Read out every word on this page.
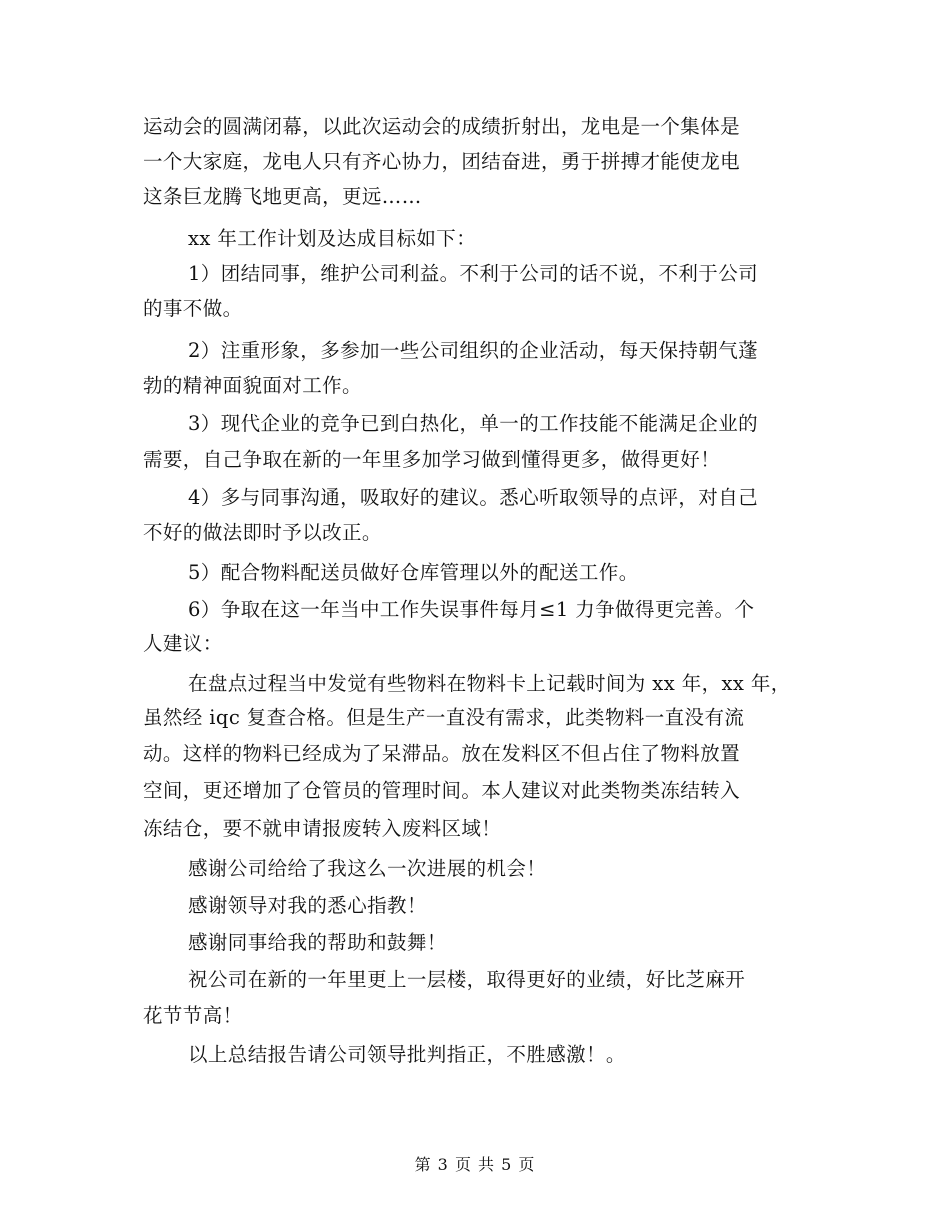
运动会的圆满闭幕，以此次运动会的成绩折射出，龙电是一个集体是
一个大家庭，龙电人只有齐心协力，团结奋进，勇于拼搏才能使龙电
这条巨龙腾飞地更高，更远……
xx 年工作计划及达成目标如下：
1）团结同事，维护公司利益。不利于公司的话不说，不利于公司
的事不做。
2）注重形象，多参加一些公司组织的企业活动，每天保持朝气蓬
勃的精神面貌面对工作。
3）现代企业的竞争已到白热化，单一的工作技能不能满足企业的
需要，自己争取在新的一年里多加学习做到懂得更多，做得更好！
4）多与同事沟通，吸取好的建议。悉心听取领导的点评，对自己
不好的做法即时予以改正。
5）配合物料配送员做好仓库管理以外的配送工作。
6）争取在这一年当中工作失误事件每月≤1 力争做得更完善。个
人建议：
在盘点过程当中发觉有些物料在物料卡上记载时间为 xx 年，xx 年，
虽然经 iqc 复查合格。但是生产一直没有需求，此类物料一直没有流
动。这样的物料已经成为了呆滞品。放在发料区不但占住了物料放置
空间，更还增加了仓管员的管理时间。本人建议对此类物类冻结转入
冻结仓，要不就申请报废转入废料区域！
感谢公司给给了我这么一次进展的机会！
感谢领导对我的悉心指教！
感谢同事给我的帮助和鼓舞！
祝公司在新的一年里更上一层楼，取得更好的业绩，好比芝麻开
花节节高！
以上总结报告请公司领导批判指正，不胜感激！。
第 3 页 共 5 页
